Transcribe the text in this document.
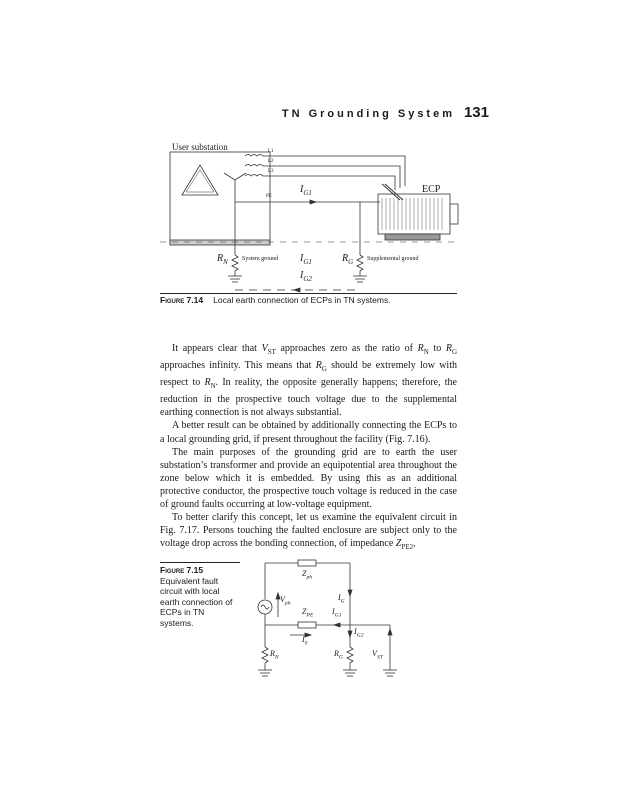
TN Grounding System 131
User substation	L1
L2
L3
PE
ECP
$I_{G1}$
$I_{G1}$
$I_{G2}$
$R_N$ System ground	$R_G$ Supplemental ground
Figure 7.14 Local earth connection of ECPs in TN systems.

It appears clear that $V_{ST}$ approaches zero as the ratio of $R_N$ to $R_G$ approaches infinity. This means that $R_G$ should be extremely low with respect to $R_N$. In reality, the opposite generally happens; therefore, the reduction in the prospective touch voltage due to the supplemental earthing connection is not always substantial.

A better result can be obtained by additionally connecting the ECPs to a local grounding grid, if present throughout the facility (Fig. 7.16).

The main purposes of the grounding grid are to earth the user substation’s transformer and provide an equipotential area throughout the zone below which it is embedded. By using this as an additional protective conductor, the prospective touch voltage is reduced in the case of ground faults occurring at low-voltage equipment.

To better clarify this concept, let us examine the equivalent circuit in Fig. 7.17. Persons touching the faulted enclosure are subject only to the voltage drop across the bonding connection, of impedance $Z_{PE2}$,

Figure 7.15
Equivalent fault circuit with local earth connection of ECPs in TN systems.
$Z_{ph}$
$V_{ph}$
$I_G$
$Z_{PE}$ $I_{G1}$
$I_{G2}$
$I_0$
$R_N$	$R_G$	$V_{ST}$
